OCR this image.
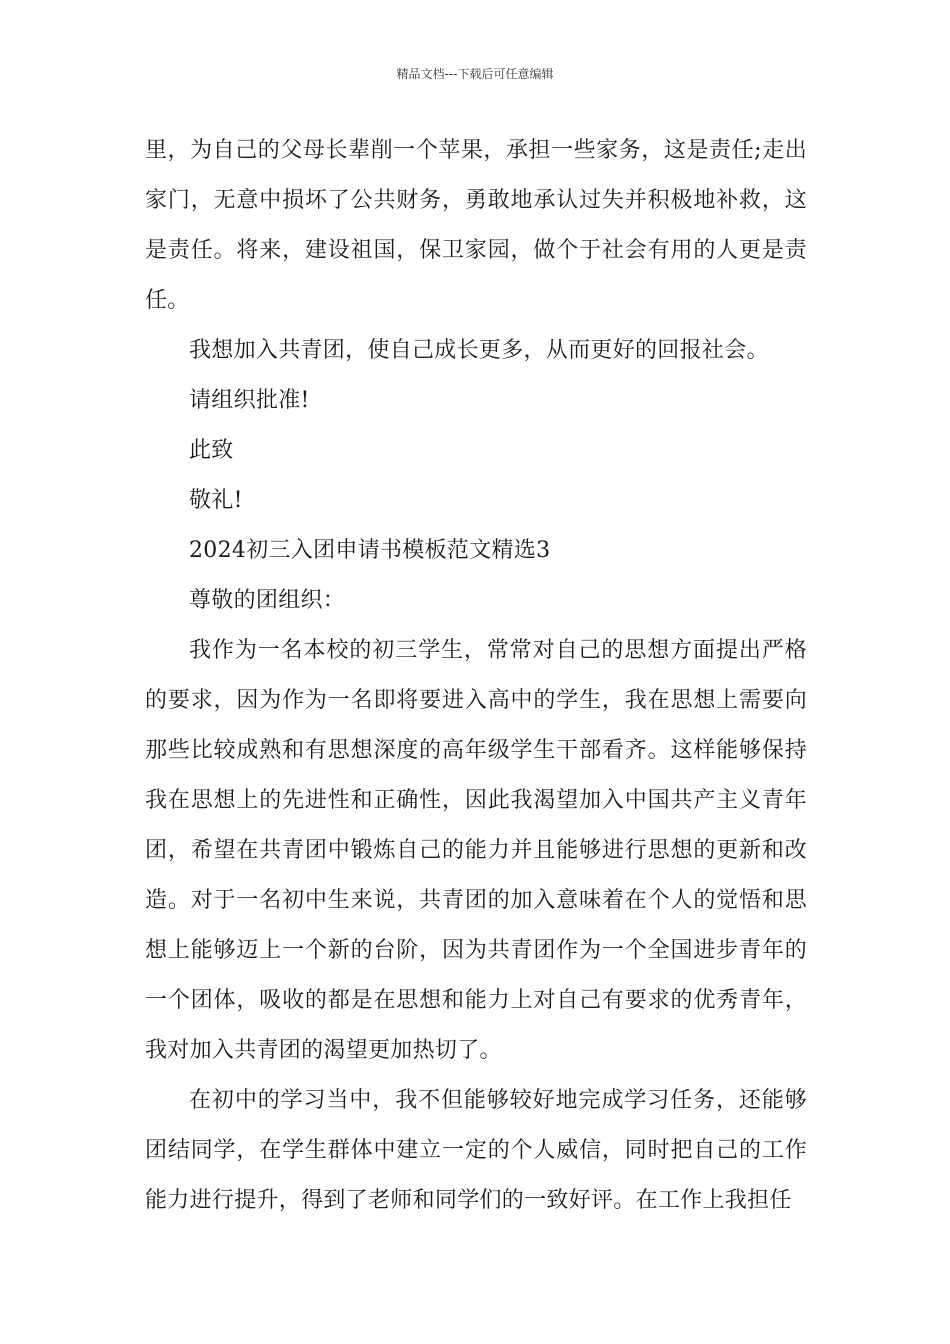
精品文档---下载后可任意编辑

里，为自己的父母长辈削一个苹果，承担一些家务，这是责任;走出家门，无意中损坏了公共财务，勇敢地承认过失并积极地补救，这是责任。将来，建设祖国，保卫家园，做个于社会有用的人更是责任。

我想加入共青团，使自己成长更多，从而更好的回报社会。

请组织批准!

此致

敬礼!

2024初三入团申请书模板范文精选3

尊敬的团组织：

我作为一名本校的初三学生，常常对自己的思想方面提出严格的要求，因为作为一名即将要进入高中的学生，我在思想上需要向那些比较成熟和有思想深度的高年级学生干部看齐。这样能够保持我在思想上的先进性和正确性，因此我渴望加入中国共产主义青年团，希望在共青团中锻炼自己的能力并且能够进行思想的更新和改造。对于一名初中生来说，共青团的加入意味着在个人的觉悟和思想上能够迈上一个新的台阶，因为共青团作为一个全国进步青年的一个团体，吸收的都是在思想和能力上对自己有要求的优秀青年，我对加入共青团的渴望更加热切了。

在初中的学习当中，我不但能够较好地完成学习任务，还能够团结同学，在学生群体中建立一定的个人威信，同时把自己的工作能力进行提升，得到了老师和同学们的一致好评。在工作上我担任
